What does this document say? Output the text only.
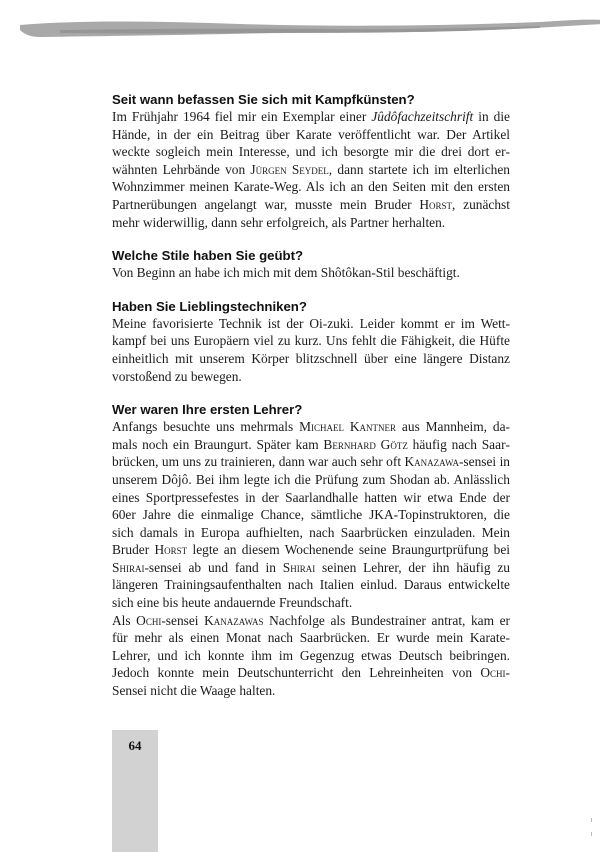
Seit wann befassen Sie sich mit Kampfkünsten?

Im Frühjahr 1964 fiel mir ein Exemplar einer Jûdôfachzeitschrift in die Hände, in der ein Beitrag über Karate veröffentlicht war. Der Artikel weckte sogleich mein Interesse, und ich besorgte mir die drei dort erwähnten Lehrbände von Jürgen Seydel, dann startete ich im elterlichen Wohnzimmer meinen Karate-Weg. Als ich an den Seiten mit den ersten Partnerübungen angelangt war, musste mein Bruder Horst, zunächst mehr widerwillig, dann sehr erfolgreich, als Partner herhalten.

Welche Stile haben Sie geübt?

Von Beginn an habe ich mich mit dem Shôtôkan-Stil beschäftigt.

Haben Sie Lieblingstechniken?

Meine favorisierte Technik ist der Oi-zuki. Leider kommt er im Wettkampf bei uns Europäern viel zu kurz. Uns fehlt die Fähigkeit, die Hüfte einheitlich mit unserem Körper blitzschnell über eine längere Distanz vorstoßend zu bewegen.

Wer waren Ihre ersten Lehrer?

Anfangs besuchte uns mehrmals Michael Kantner aus Mannheim, damals noch ein Braungurt. Später kam Bernhard Götz häufig nach Saarbrücken, um uns zu trainieren, dann war auch sehr oft Kanazawa-sensei in unserem Dôjô. Bei ihm legte ich die Prüfung zum Shodan ab. Anlässlich eines Sportpressefestes in der Saarlandhalle hatten wir etwa Ende der 60er Jahre die einmalige Chance, sämtliche JKA-Topinstruktoren, die sich damals in Europa aufhielten, nach Saarbrücken einzuladen. Mein Bruder Horst legte an diesem Wochenende seine Braungurtprüfung bei Shirai-sensei ab und fand in Shirai seinen Lehrer, der ihn häufig zu längeren Trainingsaufenthalten nach Italien einlud. Daraus entwickelte sich eine bis heute andauernde Freundschaft.

Als Ochi-sensei Kanazawas Nachfolge als Bundestrainer antrat, kam er für mehr als einen Monat nach Saarbrücken. Er wurde mein Karate-Lehrer, und ich konnte ihm im Gegenzug etwas Deutsch beibringen. Jedoch konnte mein Deutschunterricht den Lehreinheiten von Ochi-Sensei nicht die Waage halten.

64
